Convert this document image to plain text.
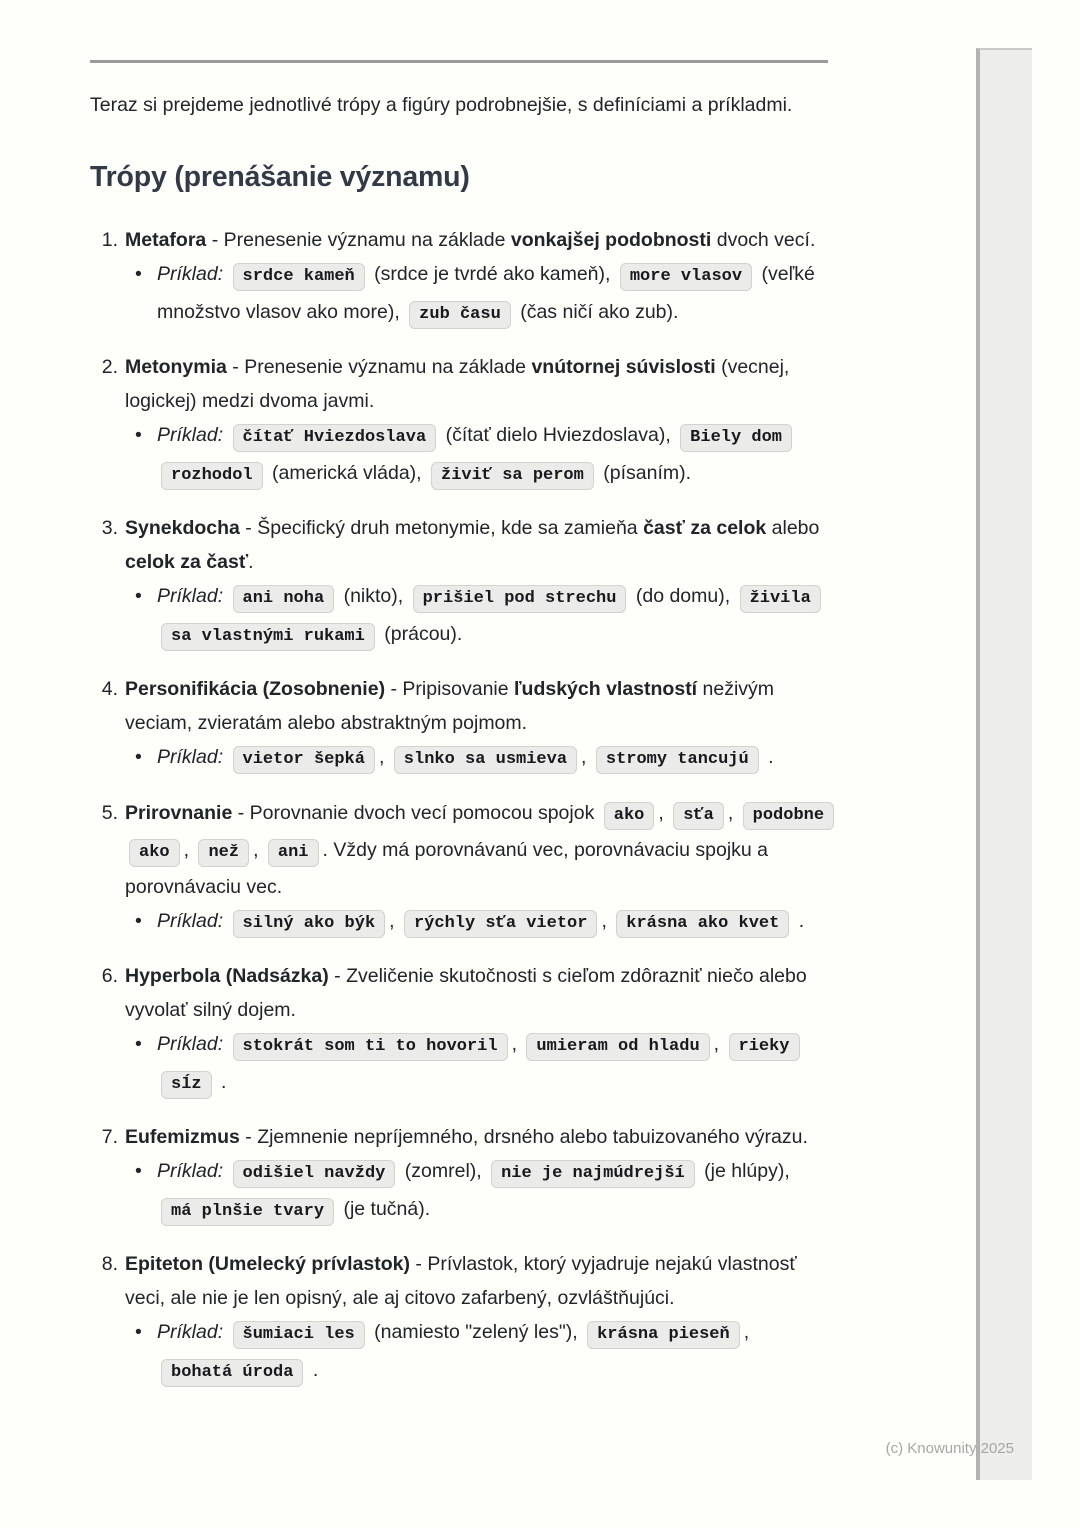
Teraz si prejdeme jednotlivé trópy a figúry podrobnejšie, s definíciami a príkladmi.

Trópy (prenášanie významu)
1. Metafora - Prenesenie významu na základe vonkajšej podobnosti dvoch vecí.
• Príklad: srdce kameň (srdce je tvrdé ako kameň), more vlasov (veľké množstvo vlasov ako more), zub času (čas ničí ako zub).
2. Metonymia - Prenesenie významu na základe vnútornej súvislosti (vecnej, logickej) medzi dvoma javmi.
• Príklad: čítať Hviezdoslava (čítať dielo Hviezdoslava), Biely dom rozhodol (americká vláda), živiť sa perom (písaním).
3. Synekdocha - Špecifický druh metonymie, kde sa zamieňa časť za celok alebo celok za časť.
• Príklad: ani noha (nikto), prišiel pod strechu (do domu), živila sa vlastnými rukami (prácou).
4. Personifikácia (Zosobnenie) - Pripisovanie ľudských vlastností neživým veciam, zvieratám alebo abstraktným pojmom.
• Príklad: vietor šepká , slnko sa usmieva , stromy tancujú .
5. Prirovnanie - Porovnanie dvoch vecí pomocou spojok ako , sťa , podobne ako , než , ani . Vždy má porovnávanú vec, porovnávaciu spojku a porovnávaciu vec.
• Príklad: silný ako býk , rýchly sťa vietor , krásna ako kvet .
6. Hyperbola (Nadsázka) - Zveličenie skutočnosti s cieľom zdôrazniť niečo alebo vyvolať silný dojem.
• Príklad: stokrát som ti to hovoril , umieram od hladu , rieky sĺz .
7. Eufemizmus - Zjemnenie nepríjemného, drsného alebo tabuizovaného výrazu.
• Príklad: odišiel navždy (zomrel), nie je najmúdrejší (je hlúpy), má plnšie tvary (je tučná).
8. Epiteton (Umelecký prívlastok) - Prívlastok, ktorý vyjadruje nejakú vlastnosť veci, ale nie je len opisný, ale aj citovo zafarbený, ozvláštňujúci.
• Príklad: šumiaci les (namiesto "zelený les"), krásna pieseň , bohatá úroda .
(c) Knowunity 2025
